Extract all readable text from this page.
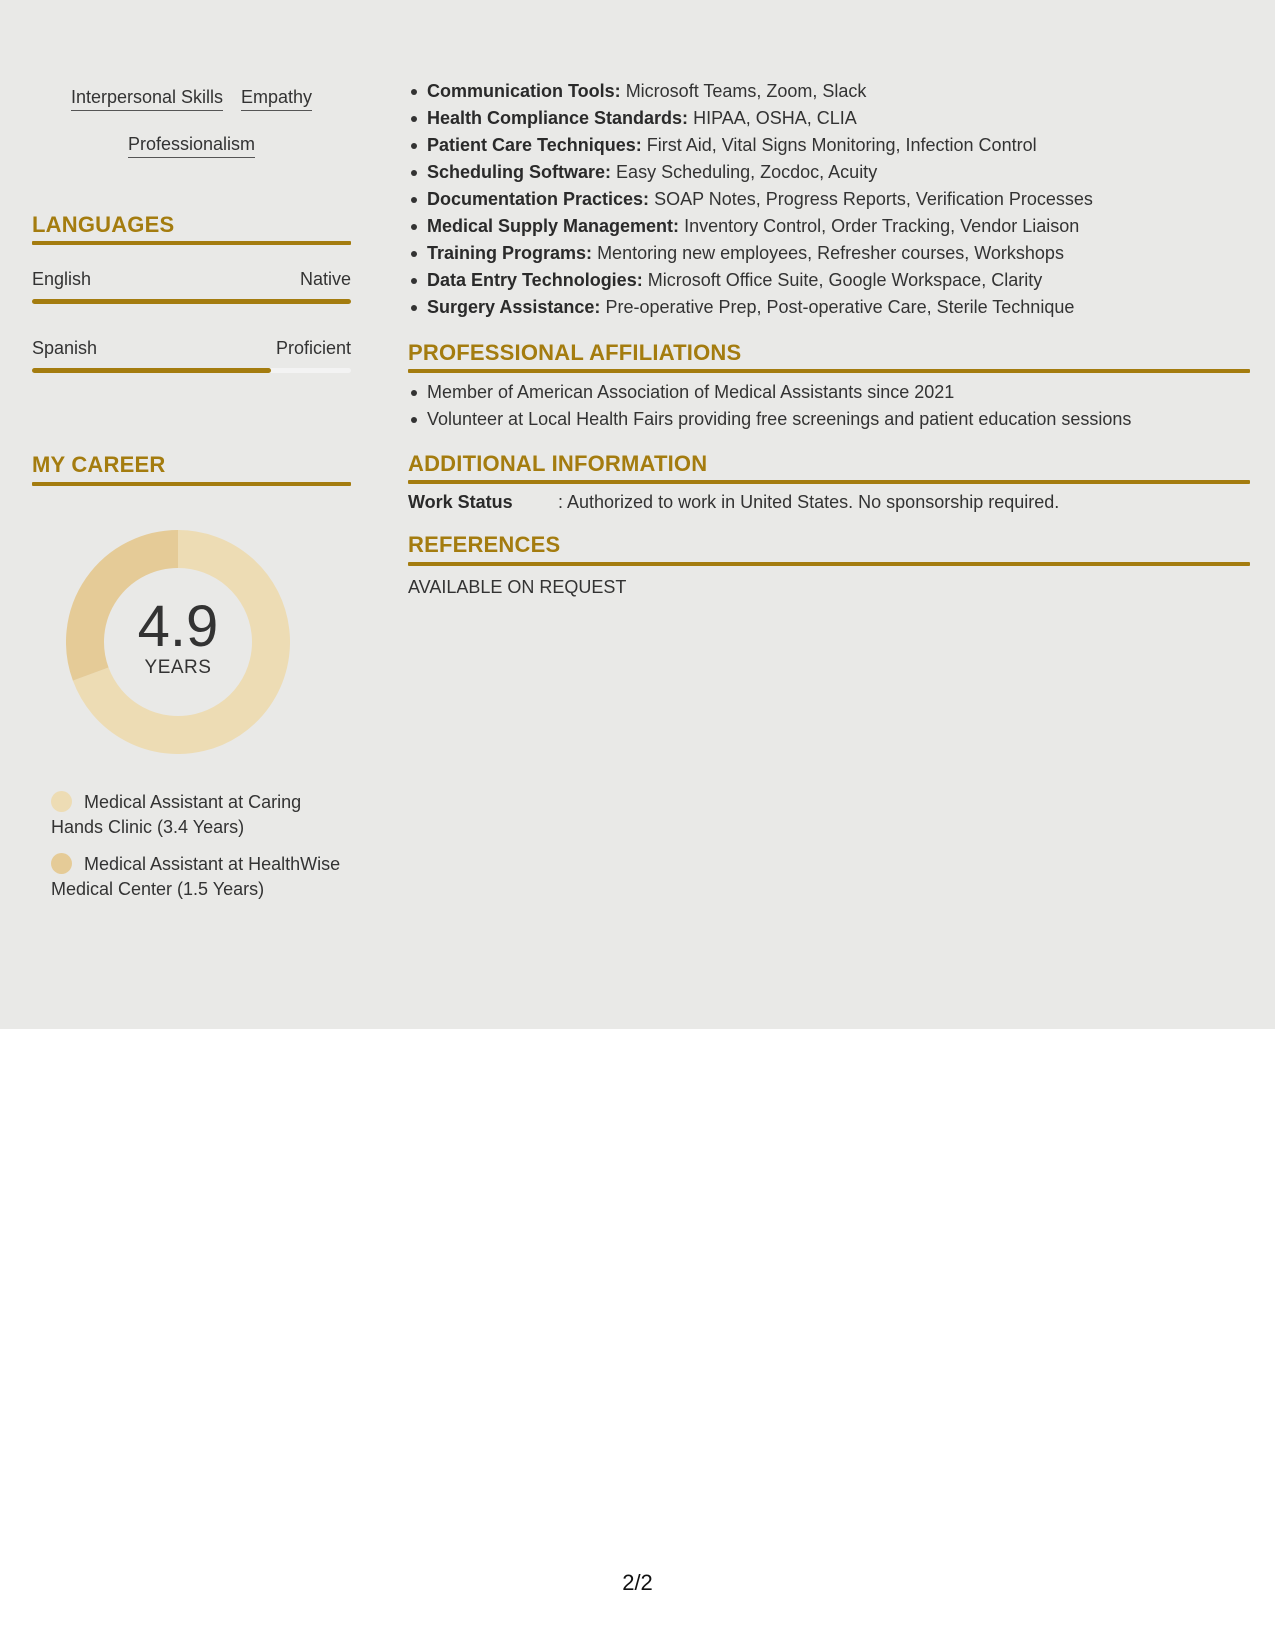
Interpersonal Skills Empathy
Professionalism
LANGUAGES
English	Native
Spanish	Proficient
MY CAREER
4.9
YEARS
Medical Assistant at Caring Hands Clinic (3.4 Years)
Medical Assistant at HealthWise Medical Center (1.5 Years)
Communication Tools: Microsoft Teams, Zoom, Slack
Health Compliance Standards: HIPAA, OSHA, CLIA
Patient Care Techniques: First Aid, Vital Signs Monitoring, Infection Control
Scheduling Software: Easy Scheduling, Zocdoc, Acuity
Documentation Practices: SOAP Notes, Progress Reports, Verification Processes
Medical Supply Management: Inventory Control, Order Tracking, Vendor Liaison
Training Programs: Mentoring new employees, Refresher courses, Workshops
Data Entry Technologies: Microsoft Office Suite, Google Workspace, Clarity
Surgery Assistance: Pre-operative Prep, Post-operative Care, Sterile Technique
PROFESSIONAL AFFILIATIONS
Member of American Association of Medical Assistants since 2021
Volunteer at Local Health Fairs providing free screenings and patient education sessions
ADDITIONAL INFORMATION
Work Status	: Authorized to work in United States. No sponsorship required.
REFERENCES
AVAILABLE ON REQUEST
2/2
